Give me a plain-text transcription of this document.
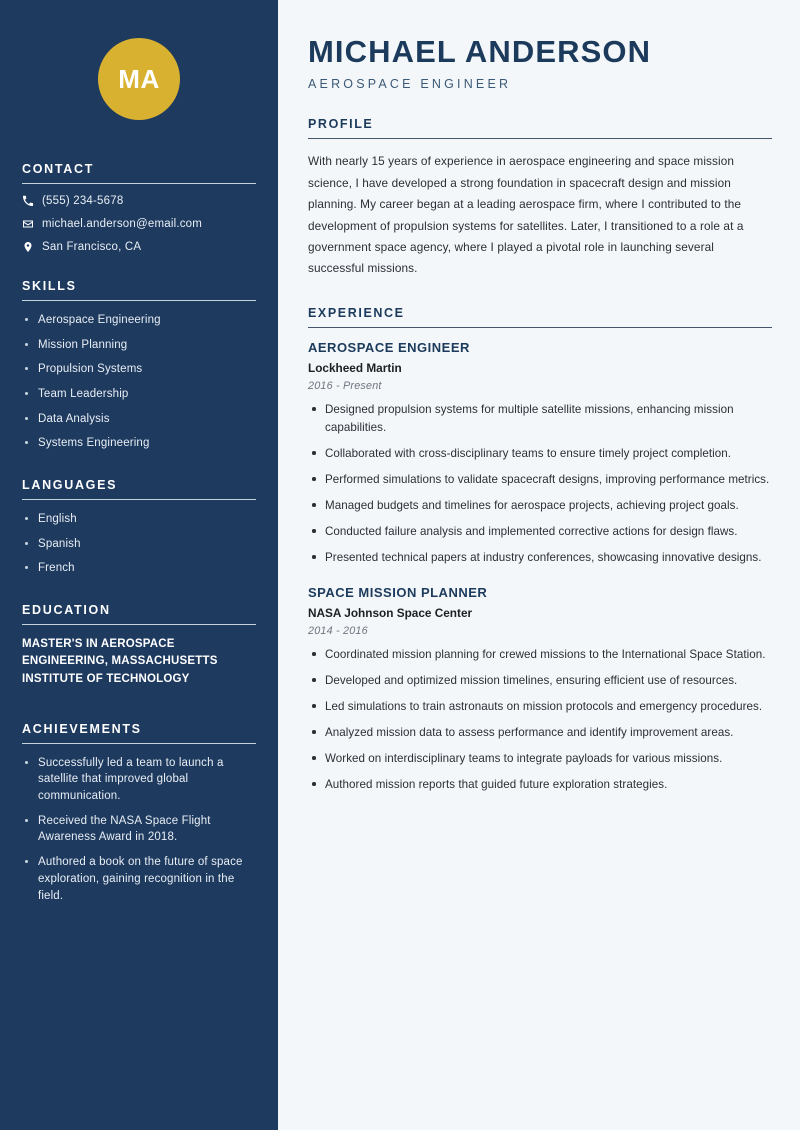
MA
CONTACT
(555) 234-5678
michael.anderson@email.com
San Francisco, CA
SKILLS
Aerospace Engineering
Mission Planning
Propulsion Systems
Team Leadership
Data Analysis
Systems Engineering
LANGUAGES
English
Spanish
French
EDUCATION
MASTER'S IN AEROSPACE ENGINEERING, MASSACHUSETTS INSTITUTE OF TECHNOLOGY
ACHIEVEMENTS
Successfully led a team to launch a satellite that improved global communication.
Received the NASA Space Flight Awareness Award in 2018.
Authored a book on the future of space exploration, gaining recognition in the field.
MICHAEL ANDERSON
AEROSPACE ENGINEER
PROFILE

With nearly 15 years of experience in aerospace engineering and space mission science, I have developed a strong foundation in spacecraft design and mission planning. My career began at a leading aerospace firm, where I contributed to the development of propulsion systems for satellites. Later, I transitioned to a role at a government space agency, where I played a pivotal role in launching several successful missions.

EXPERIENCE
AEROSPACE ENGINEER
Lockheed Martin
2016 - Present
Designed propulsion systems for multiple satellite missions, enhancing mission capabilities.
Collaborated with cross-disciplinary teams to ensure timely project completion.
Performed simulations to validate spacecraft designs, improving performance metrics.
Managed budgets and timelines for aerospace projects, achieving project goals.
Conducted failure analysis and implemented corrective actions for design flaws.
Presented technical papers at industry conferences, showcasing innovative designs.
SPACE MISSION PLANNER
NASA Johnson Space Center
2014 - 2016
Coordinated mission planning for crewed missions to the International Space Station.
Developed and optimized mission timelines, ensuring efficient use of resources.
Led simulations to train astronauts on mission protocols and emergency procedures.
Analyzed mission data to assess performance and identify improvement areas.
Worked on interdisciplinary teams to integrate payloads for various missions.
Authored mission reports that guided future exploration strategies.
